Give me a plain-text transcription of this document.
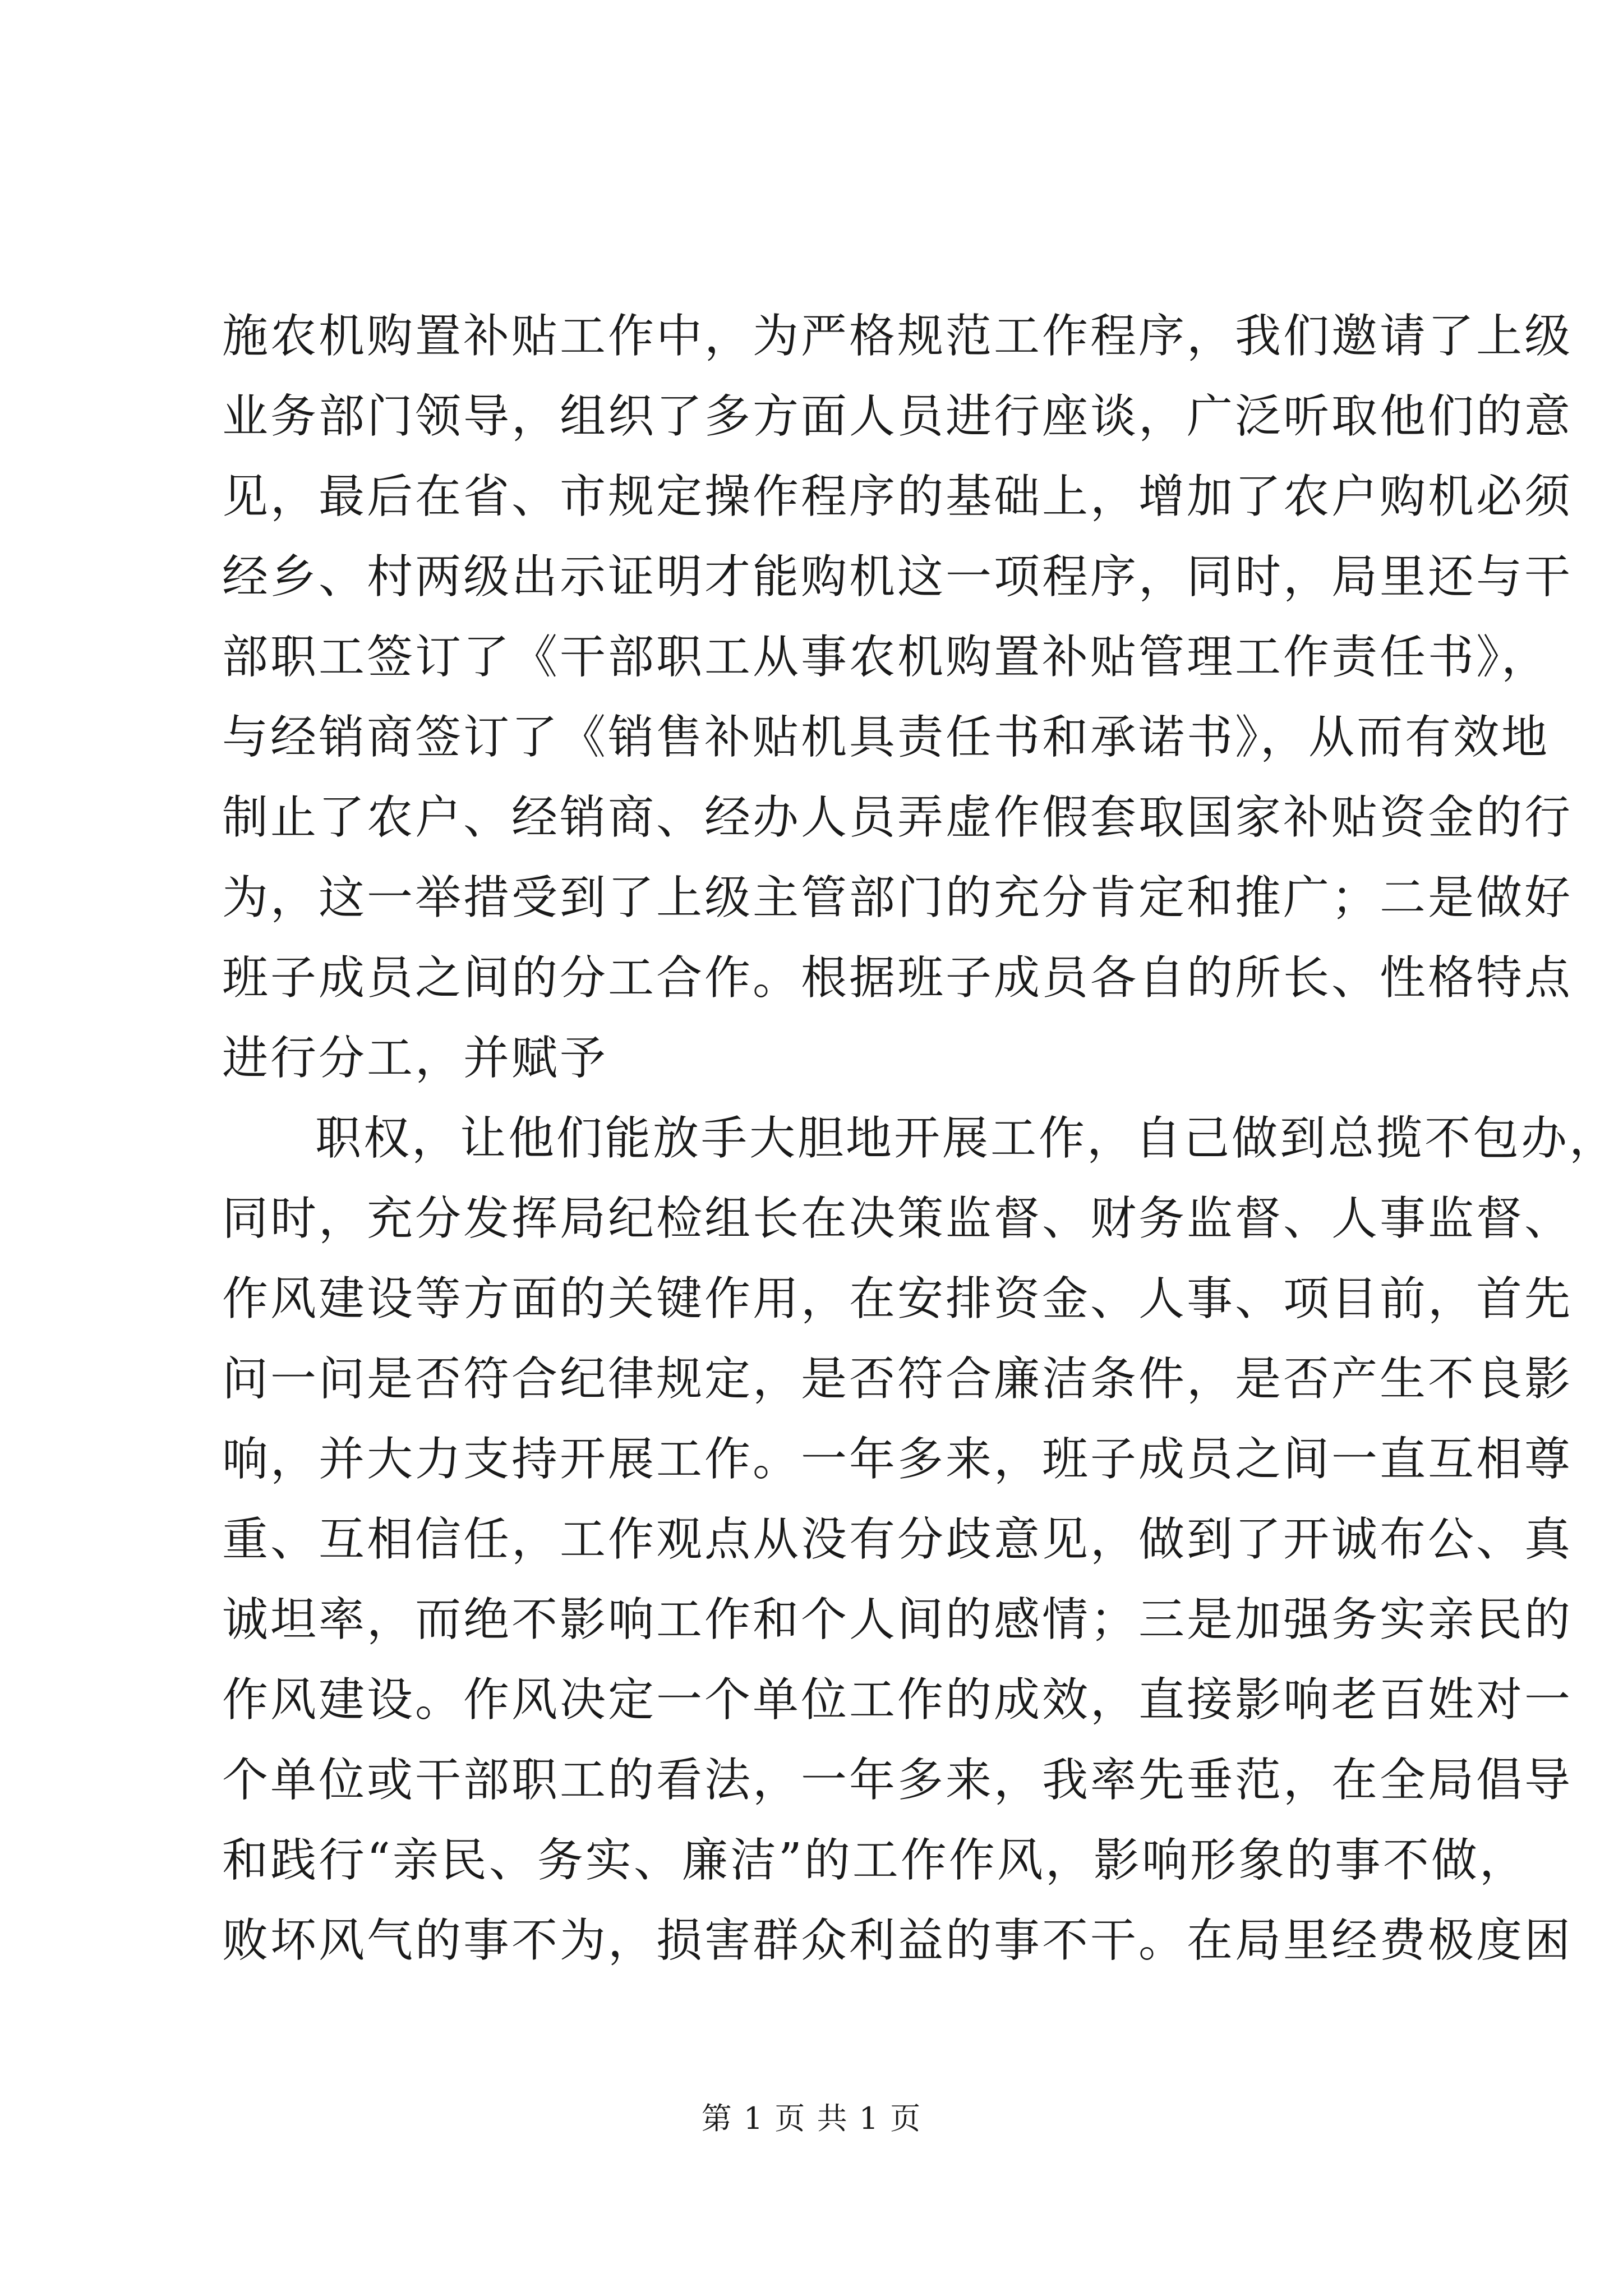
施农机购置补贴工作中，为严格规范工作程序，我们邀请了上级
业务部门领导，组织了多方面人员进行座谈，广泛听取他们的意
见，最后在省、市规定操作程序的基础上，增加了农户购机必须
经乡、村两级出示证明才能购机这一项程序，同时，局里还与干
部职工签订了《干部职工从事农机购置补贴管理工作责任书》，
与经销商签订了《销售补贴机具责任书和承诺书》，从而有效地
制止了农户、经销商、经办人员弄虚作假套取国家补贴资金的行
为，这一举措受到了上级主管部门的充分肯定和推广；二是做好
班子成员之间的分工合作。根据班子成员各自的所长、性格特点
进行分工，并赋予
职权，让他们能放手大胆地开展工作，自己做到总揽不包办，
同时，充分发挥局纪检组长在决策监督、财务监督、人事监督、
作风建设等方面的关键作用，在安排资金、人事、项目前，首先
问一问是否符合纪律规定，是否符合廉洁条件，是否产生不良影
响，并大力支持开展工作。一年多来，班子成员之间一直互相尊
重、互相信任，工作观点从没有分歧意见，做到了开诚布公、真
诚坦率，而绝不影响工作和个人间的感情；三是加强务实亲民的
作风建设。作风决定一个单位工作的成效，直接影响老百姓对一
个单位或干部职工的看法，一年多来，我率先垂范，在全局倡导
和践行“亲民、务实、廉洁”的工作作风，影响形象的事不做，
败坏风气的事不为，损害群众利益的事不干。在局里经费极度困
第 1 页 共 1 页
